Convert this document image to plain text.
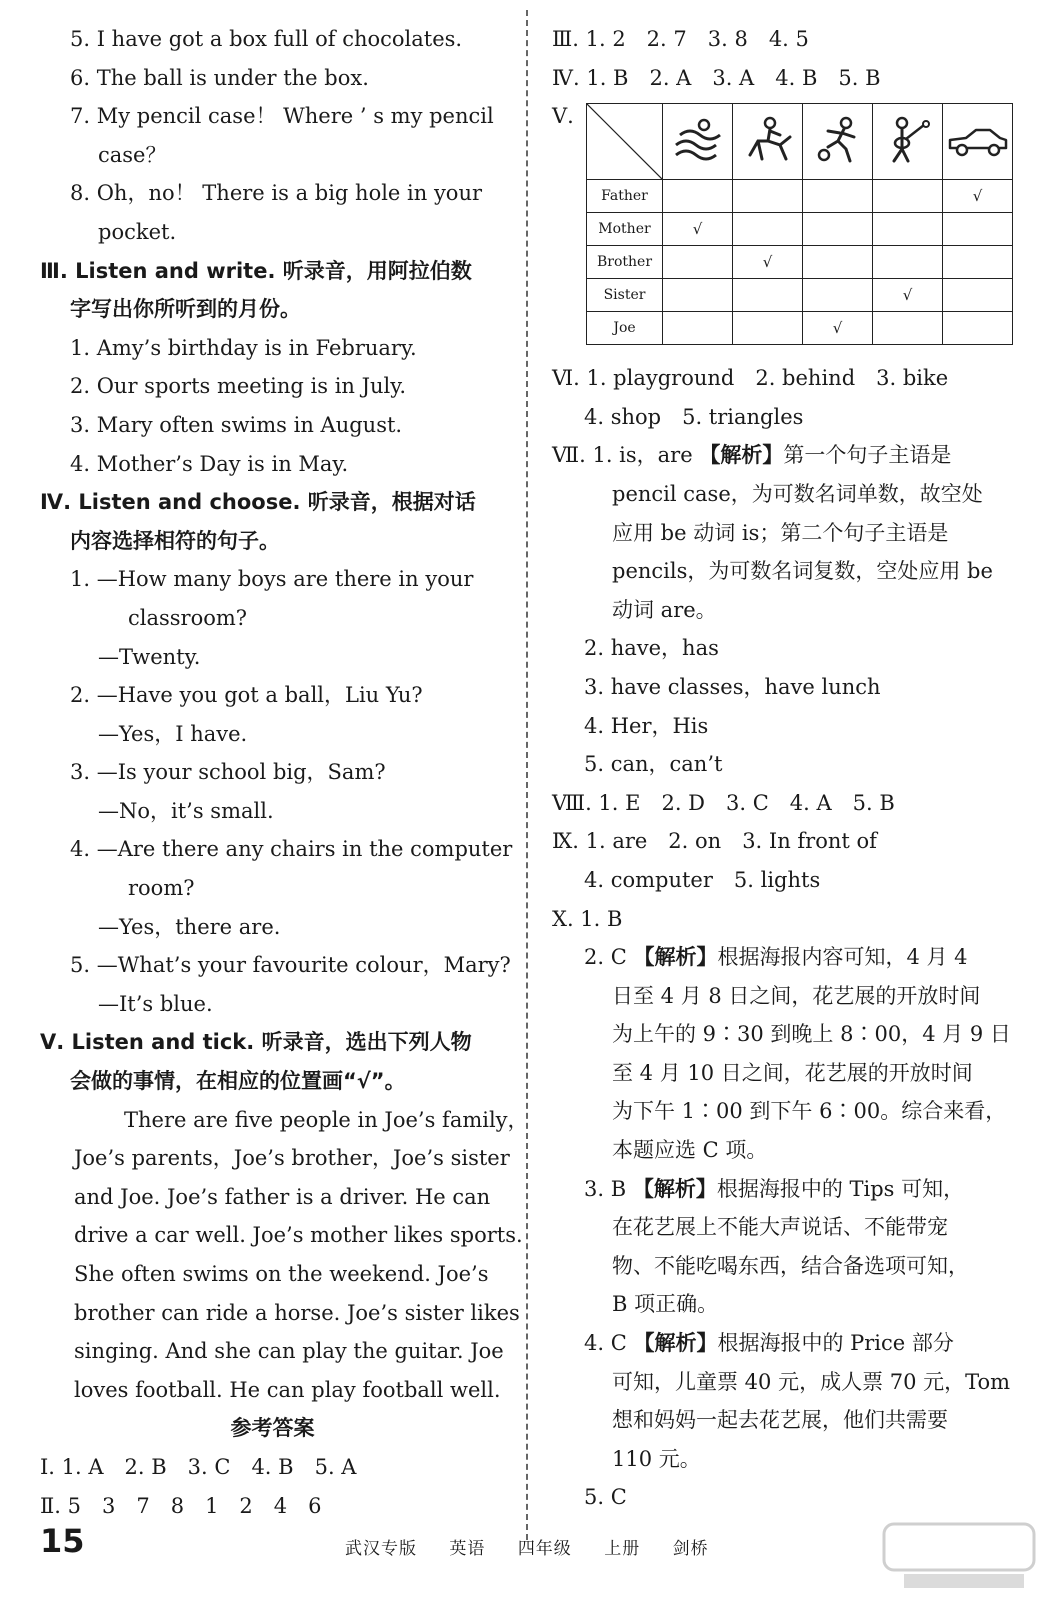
5. I have got a box full of chocolates.
6. The ball is under the box.
7. My pencil case！ Where ’ s my pencil
case？
8. Oh，no！ There is a big hole in your
pocket.
Ⅲ. Listen and write. 听录音，用阿拉伯数
字写出你所听到的月份。
1. Amy’s birthday is in February.
2. Our sports meeting is in July.
3. Mary often swims in August.
4. Mother’s Day is in May.
Ⅳ. Listen and choose. 听录音，根据对话
内容选择相符的句子。
1. —How many boys are there in your
classroom?
—Twenty.
2. —Have you got a ball，Liu Yu?
—Yes，I have.
3. —Is your school big，Sam?
—No，it’s small.
4. —Are there any chairs in the computer
room?
—Yes，there are.
5. —What’s your favourite colour，Mary?
—It’s blue.
Ⅴ. Listen and tick. 听录音，选出下列人物
会做的事情，在相应的位置画“√”。
There are five people in Joe’s family，
Joe’s parents，Joe’s brother，Joe’s sister
and Joe. Joe’s father is a driver. He can
drive a car well. Joe’s mother likes sports.
She often swims on the weekend. Joe’s
brother can ride a horse. Joe’s sister likes
singing. And she can play the guitar. Joe
loves football. He can play football well.
参考答案
Ⅰ. 1. A　2. B　3. C　4. B　5. A
Ⅱ. 5　3　7　8　1　2　4　6
Ⅲ. 1. 2　2. 7　3. 8　4. 5
Ⅳ. 1. B　2. A　3. A　4. B　5. B
Ⅴ.

Father					√
Mother	√				
Brother		√			
Sister				√	
Joe			√		
Ⅵ. 1. playground　2. behind　3. bike
4. shop　5. triangles
Ⅶ. 1. is，are 【解析】第一个句子主语是
pencil case，为可数名词单数，故空处
应用 be 动词 is；第二个句子主语是
pencils，为可数名词复数，空处应用 be
动词 are。
2. have，has
3. have classes，have lunch
4. Her，His
5. can，can’t
Ⅷ. 1. E　2. D　3. C　4. A　5. B
Ⅸ. 1. are　2. on　3. In front of
4. computer　5. lights
Ⅹ. 1. B
2. C 【解析】根据海报内容可知，4 月 4
日至 4 月 8 日之间，花艺展的开放时间
为上午的 9∶30 到晚上 8∶00，4 月 9 日
至 4 月 10 日之间，花艺展的开放时间
为下午 1∶00 到下午 6∶00。综合来看，
本题应选 C 项。
3. B 【解析】根据海报中的 Tips 可知，
在花艺展上不能大声说话、不能带宠
物、不能吃喝东西，结合备选项可知，
B 项正确。
4. C 【解析】根据海报中的 Price 部分
可知，儿童票 40 元，成人票 70 元，Tom
想和妈妈一起去花艺展，他们共需要
110 元。
5. C
15	武汉专版 英语 四年级 上册 剑桥
